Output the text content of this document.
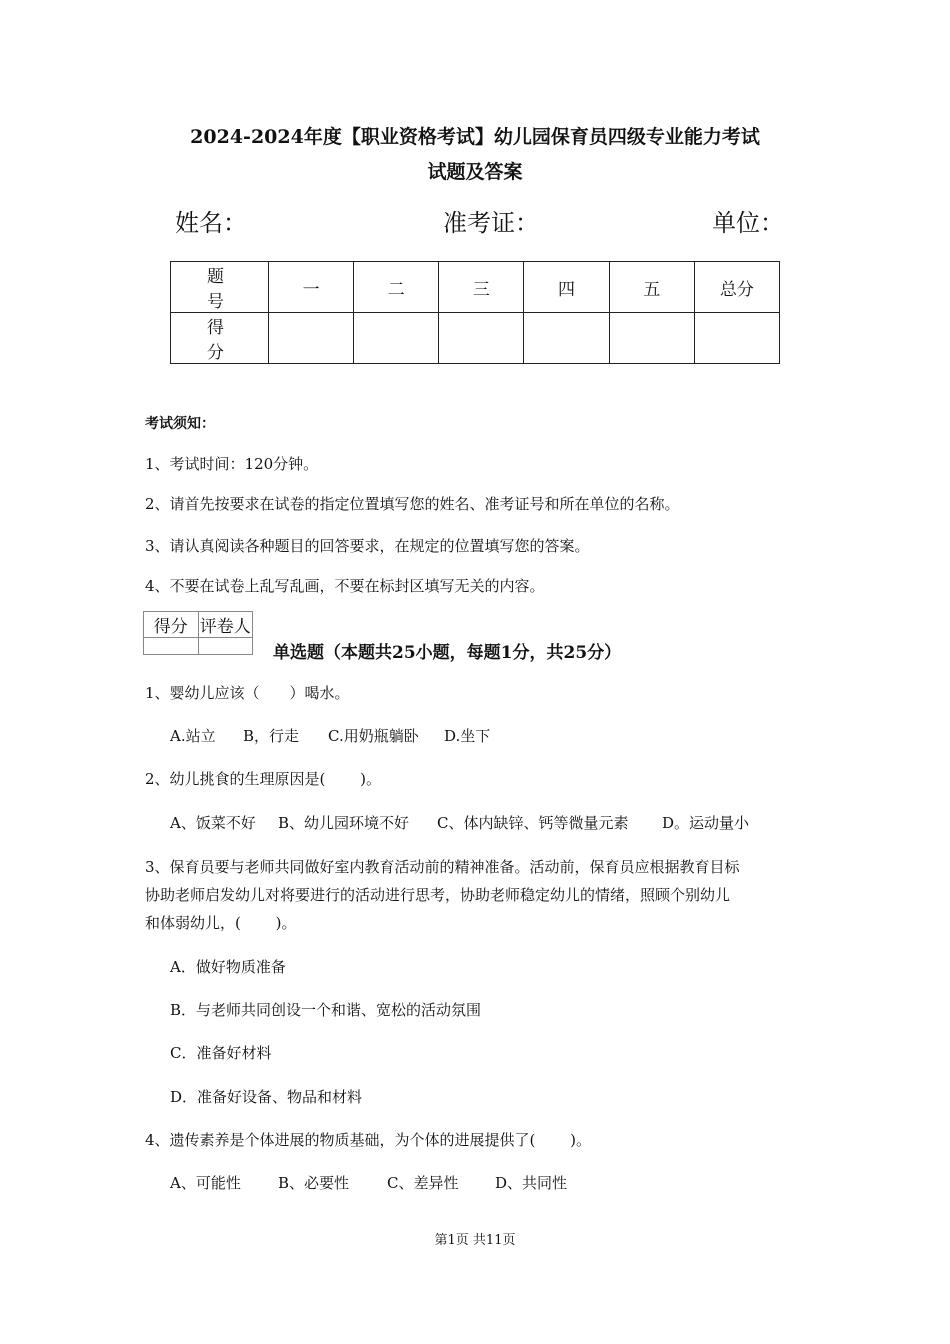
2024-2024年度【职业资格考试】幼儿园保育员四级专业能力考试
试题及答案
姓名：	准考证：	单位：
题 号	一	二	三	四	五	总分
得 分						
考试须知：
1、考试时间：120分钟。
2、请首先按要求在试卷的指定位置填写您的姓名、准考证号和所在单位的名称。
3、请认真阅读各种题目的回答要求，在规定的位置填写您的答案。
4、不要在试卷上乱写乱画，不要在标封区填写无关的内容。
得分	评卷人

单选题（本题共25小题，每题1分，共25分）
1、婴幼儿应该（　　）喝水。
A.站立 B，行走 C.用奶瓶躺卧 D.坐下
2、幼儿挑食的生理原因是(　　 )。
A、饭菜不好 B、幼儿园环境不好 C、体内缺锌、钙等微量元素 D。运动量小
3、保育员要与老师共同做好室内教育活动前的精神准备。活动前，保育员应根据教育目标
协助老师启发幼儿对将要进行的活动进行思考，协助老师稳定幼儿的情绪，照顾个别幼儿
和体弱幼儿，(　　 )。
A．做好物质准备
B．与老师共同创设一个和谐、宽松的活动氛围
C．准备好材料
D．准备好设备、物品和材料
4、遗传素养是个体进展的物质基础，为个体的进展提供了(　　 )。
A、可能性 B、必要性	C、差异性 D、共同性
第1页 共11页
